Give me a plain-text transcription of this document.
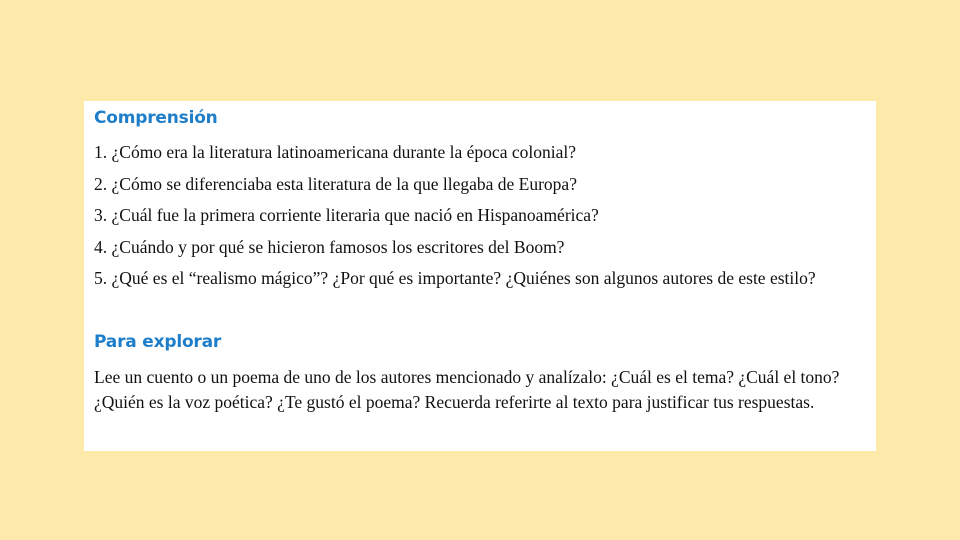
Comprensión
1. ¿Cómo era la literatura latinoamericana durante la época colonial?
2. ¿Cómo se diferenciaba esta literatura de la que llegaba de Europa?
3. ¿Cuál fue la primera corriente literaria que nació en Hispanoamérica?
4. ¿Cuándo y por qué se hicieron famosos los escritores del Boom?
5. ¿Qué es el “realismo mágico”? ¿Por qué es importante? ¿Quiénes son algunos autores de este estilo?
Para explorar

Lee un cuento o un poema de uno de los autores mencionado y analízalo: ¿Cuál es el tema? ¿Cuál el tono? ¿Quién es la voz poética? ¿Te gustó el poema? Recuerda referirte al texto para justificar tus respuestas.
